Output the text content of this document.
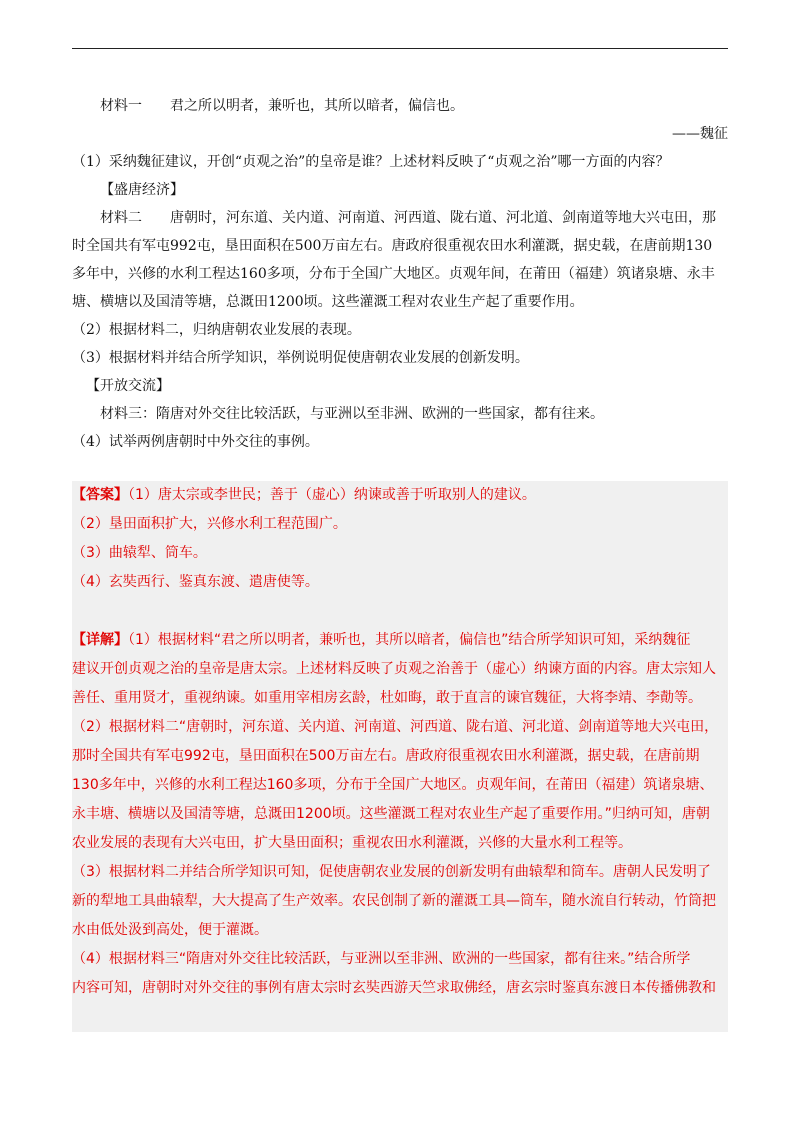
材料一　　君之所以明者，兼听也，其所以暗者，偏信也。
——魏征
（1）采纳魏征建议，开创“贞观之治”的皇帝是谁？上述材料反映了“贞观之治”哪一方面的内容？
【盛唐经济】
材料二　　唐朝时，河东道、关内道、河南道、河西道、陇右道、河北道、剑南道等地大兴屯田，那
时全国共有军屯992屯，垦田面积在500万亩左右。唐政府很重视农田水利灌溉，据史载，在唐前期130
多年中，兴修的水利工程达160多项，分布于全国广大地区。贞观年间，在莆田（福建）筑诸泉塘、永丰
塘、横塘以及国清等塘，总溉田1200顷。这些灌溉工程对农业生产起了重要作用。
（2）根据材料二，归纳唐朝农业发展的表现。
（3）根据材料并结合所学知识，举例说明促使唐朝农业发展的创新发明。
【开放交流】
材料三：隋唐对外交往比较活跃，与亚洲以至非洲、欧洲的一些国家，都有往来。
（4）试举两例唐朝时中外交往的事例。
【答案】（1）唐太宗或李世民；善于（虚心）纳谏或善于听取别人的建议。
（2）垦田面积扩大，兴修水利工程范围广。
（3）曲辕犁、筒车。
（4）玄奘西行、鉴真东渡、遣唐使等。
【详解】（1）根据材料“君之所以明者，兼听也，其所以暗者，偏信也”结合所学知识可知，采纳魏征
建议开创贞观之治的皇帝是唐太宗。上述材料反映了贞观之治善于（虚心）纳谏方面的内容。唐太宗知人
善任、重用贤才，重视纳谏。如重用宰相房玄龄，杜如晦，敢于直言的谏官魏征，大将李靖、李勣等。
（2）根据材料二“唐朝时，河东道、关内道、河南道、河西道、陇右道、河北道、剑南道等地大兴屯田，
那时全国共有军屯992屯，垦田面积在500万亩左右。唐政府很重视农田水利灌溉，据史载，在唐前期
130多年中，兴修的水利工程达160多项，分布于全国广大地区。贞观年间，在莆田（福建）筑诸泉塘、
永丰塘、横塘以及国清等塘，总溉田1200顷。这些灌溉工程对农业生产起了重要作用。”归纳可知，唐朝
农业发展的表现有大兴屯田，扩大垦田面积；重视农田水利灌溉，兴修的大量水利工程等。
（3）根据材料二并结合所学知识可知，促使唐朝农业发展的创新发明有曲辕犁和筒车。唐朝人民发明了
新的犁地工具曲辕犁，大大提高了生产效率。农民创制了新的灌溉工具—筒车，随水流自行转动，竹筒把
水由低处汲到高处，便于灌溉。
（4）根据材料三“隋唐对外交往比较活跃，与亚洲以至非洲、欧洲的一些国家，都有往来。”结合所学
内容可知，唐朝时对外交往的事例有唐太宗时玄奘西游天竺求取佛经，唐玄宗时鉴真东渡日本传播佛教和
